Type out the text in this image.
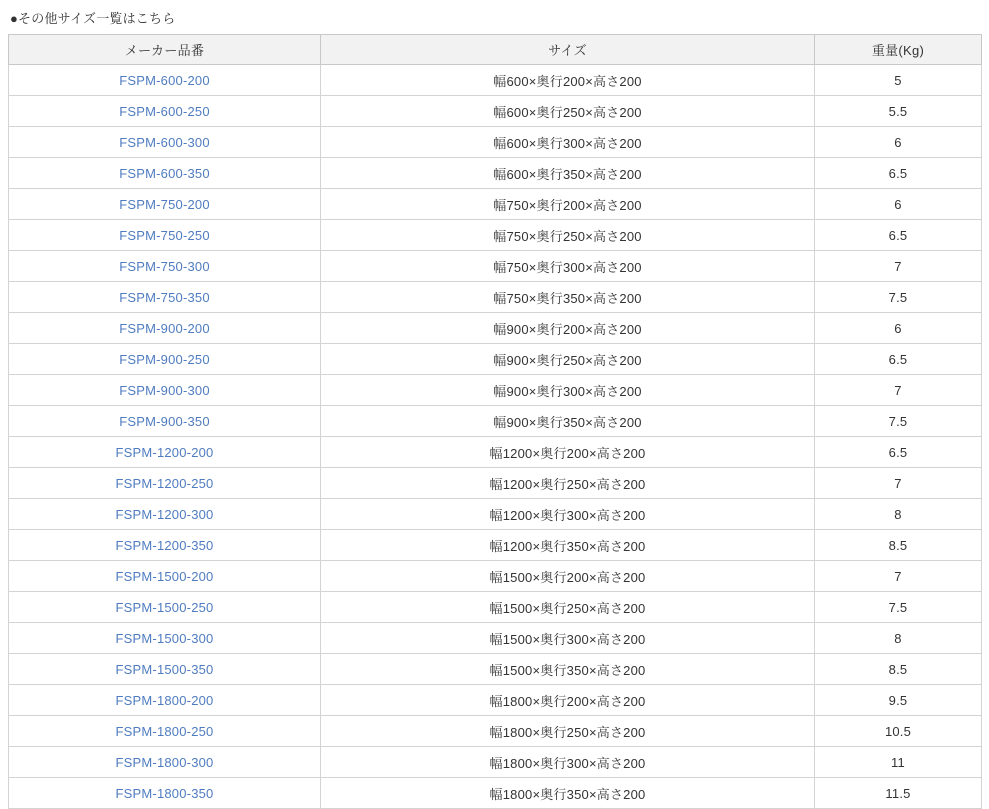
●その他サイズ一覧はこちら
メーカー品番	サイズ	重量(Kg)
FSPM-600-200	幅600×奥行200×高さ200	5
FSPM-600-250	幅600×奥行250×高さ200	5.5
FSPM-600-300	幅600×奥行300×高さ200	6
FSPM-600-350	幅600×奥行350×高さ200	6.5
FSPM-750-200	幅750×奥行200×高さ200	6
FSPM-750-250	幅750×奥行250×高さ200	6.5
FSPM-750-300	幅750×奥行300×高さ200	7
FSPM-750-350	幅750×奥行350×高さ200	7.5
FSPM-900-200	幅900×奥行200×高さ200	6
FSPM-900-250	幅900×奥行250×高さ200	6.5
FSPM-900-300	幅900×奥行300×高さ200	7
FSPM-900-350	幅900×奥行350×高さ200	7.5
FSPM-1200-200	幅1200×奥行200×高さ200	6.5
FSPM-1200-250	幅1200×奥行250×高さ200	7
FSPM-1200-300	幅1200×奥行300×高さ200	8
FSPM-1200-350	幅1200×奥行350×高さ200	8.5
FSPM-1500-200	幅1500×奥行200×高さ200	7
FSPM-1500-250	幅1500×奥行250×高さ200	7.5
FSPM-1500-300	幅1500×奥行300×高さ200	8
FSPM-1500-350	幅1500×奥行350×高さ200	8.5
FSPM-1800-200	幅1800×奥行200×高さ200	9.5
FSPM-1800-250	幅1800×奥行250×高さ200	10.5
FSPM-1800-300	幅1800×奥行300×高さ200	11
FSPM-1800-350	幅1800×奥行350×高さ200	11.5
